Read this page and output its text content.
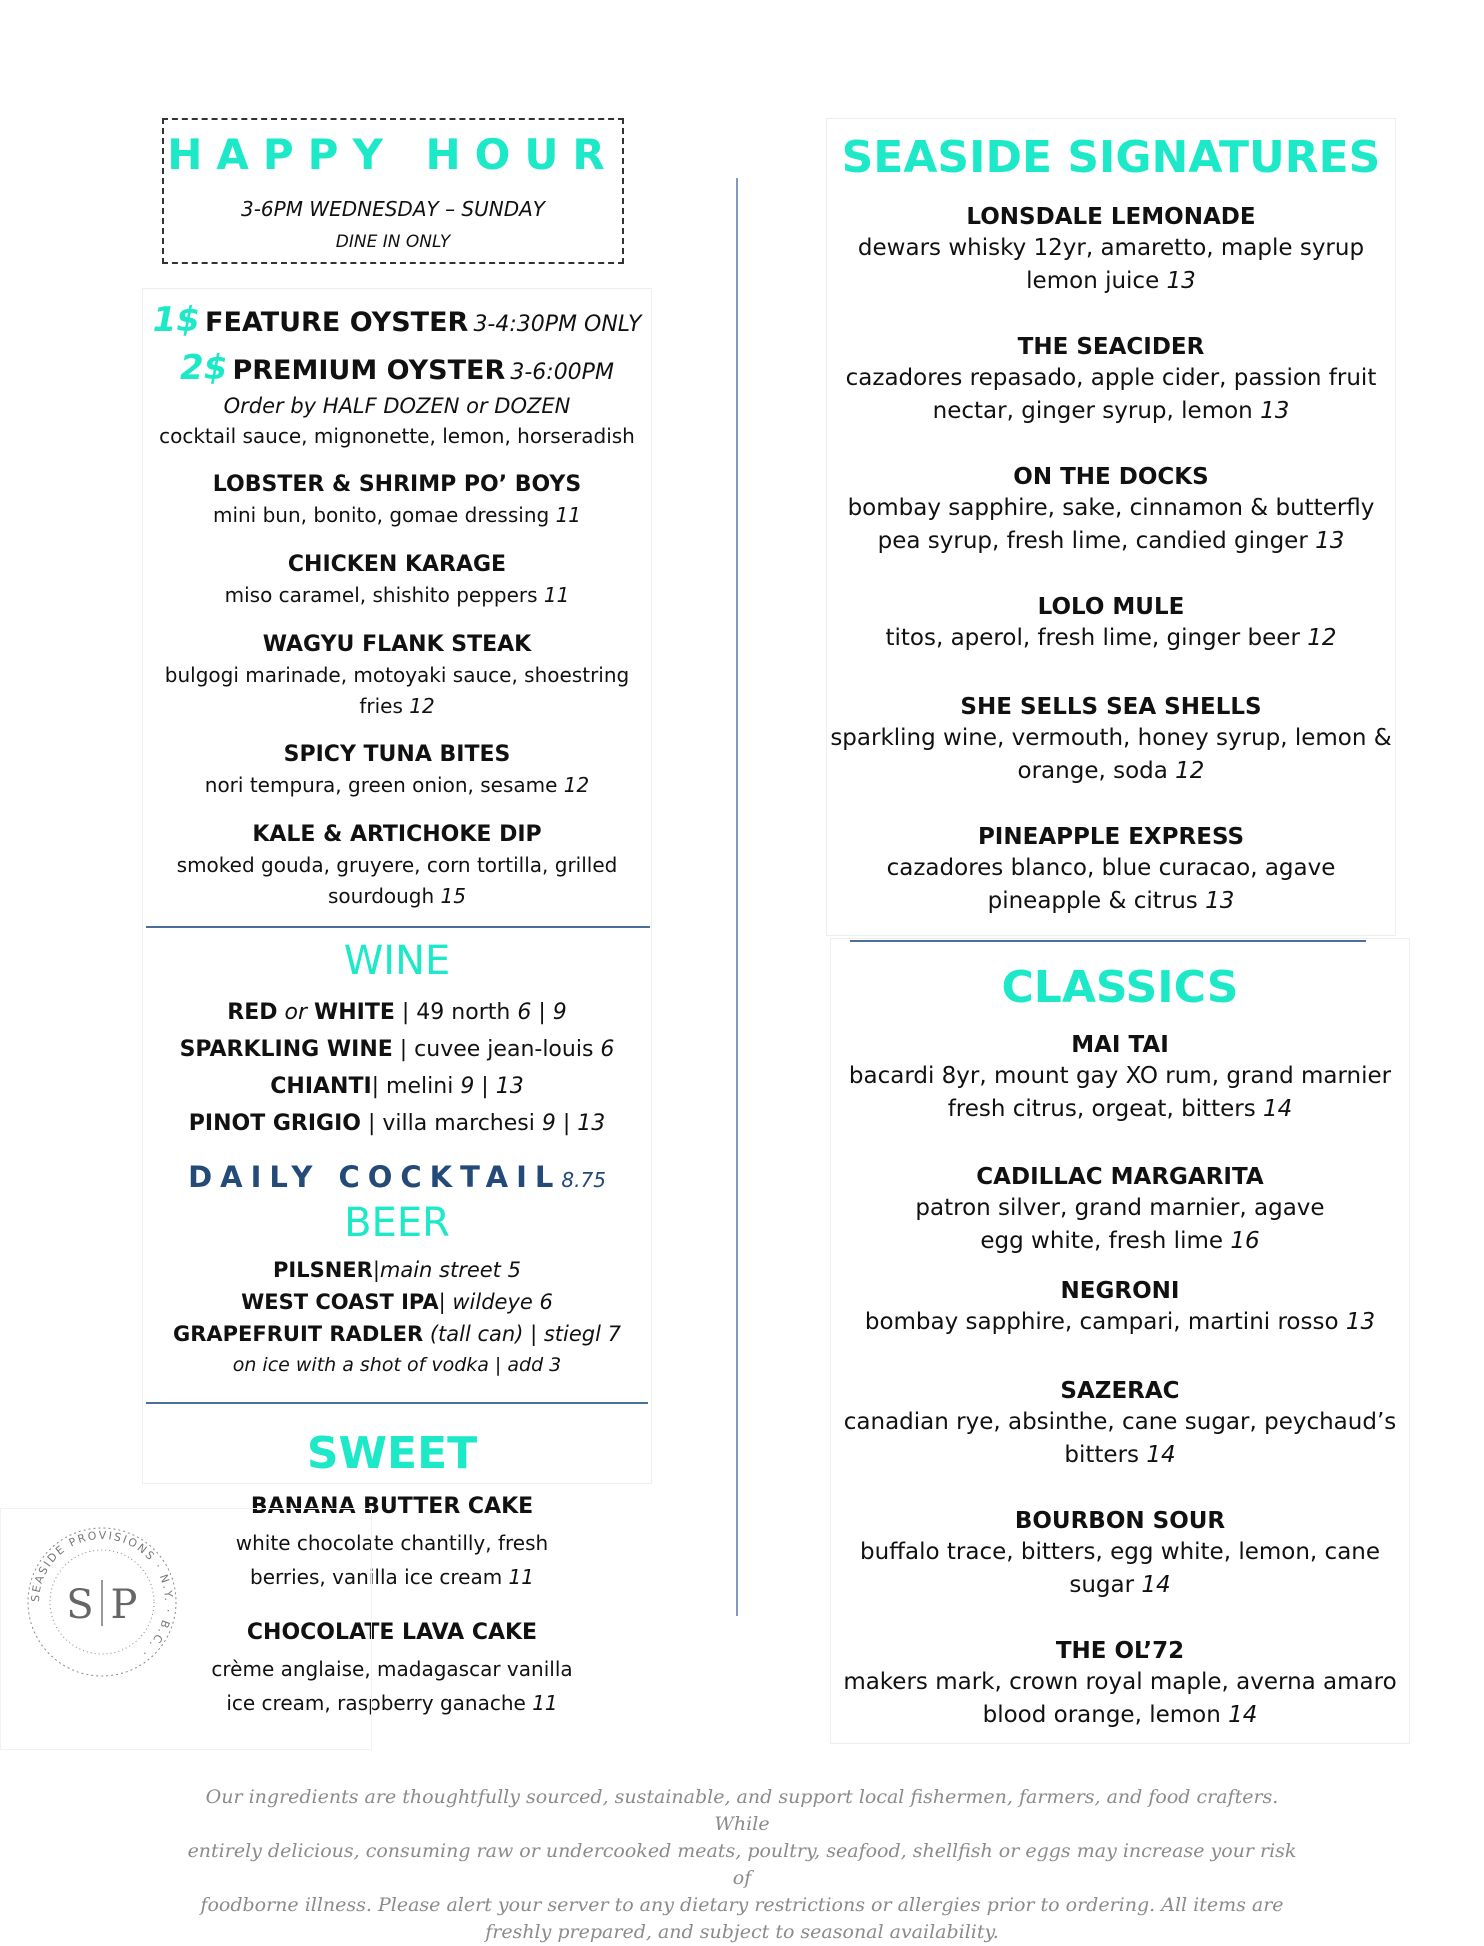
HAPPY HOUR
3-6PM WEDNESDAY – SUNDAY
DINE IN ONLY
1$ FEATURE OYSTER 3-4:30PM ONLY
2$ PREMIUM OYSTER 3-6:00PM
Order by HALF DOZEN or DOZEN
cocktail sauce, mignonette, lemon, horseradish
LOBSTER & SHRIMP PO’ BOYS
mini bun, bonito, gomae dressing 11
CHICKEN KARAGE
miso caramel, shishito peppers 11
WAGYU FLANK STEAK
bulgogi marinade, motoyaki sauce, shoestring
fries 12
SPICY TUNA BITES
nori tempura, green onion, sesame 12
KALE & ARTICHOKE DIP
smoked gouda, gruyere, corn tortilla, grilled
sourdough 15
WINE
RED or WHITE | 49 north 6 | 9
SPARKLING WINE | cuvee jean-louis 6
CHIANTI| melini 9 | 13
PINOT GRIGIO | villa marchesi 9 | 13
DAILY COCKTAIL8.75
BEER
PILSNER|main street 5
WEST COAST IPA| wildeye 6
GRAPEFRUIT RADLER (tall can) | stiegl 7
on ice with a shot of vodka | add 3
SWEET
BANANA BUTTER CAKE
white chocolate chantilly, fresh
berries, vanilla ice cream 11
CHOCOLATE LAVA CAKE
crème anglaise, madagascar vanilla
ice cream, raspberry ganache 11
SEASIDE PROVISIONS · N.Y. · B.C. ·
S P
SEASIDE SIGNATURES
LONSDALE LEMONADE
dewars whisky 12yr, amaretto, maple syrup
lemon juice 13
THE SEACIDER
cazadores repasado, apple cider, passion fruit
nectar, ginger syrup, lemon 13
ON THE DOCKS
bombay sapphire, sake, cinnamon & butterfly
pea syrup, fresh lime, candied ginger 13
LOLO MULE
titos, aperol, fresh lime, ginger beer 12
SHE SELLS SEA SHELLS
sparkling wine, vermouth, honey syrup, lemon &
orange, soda 12
PINEAPPLE EXPRESS
cazadores blanco, blue curacao, agave
pineapple & citrus 13
CLASSICS
MAI TAI
bacardi 8yr, mount gay XO rum, grand marnier
fresh citrus, orgeat, bitters 14
CADILLAC MARGARITA
patron silver, grand marnier, agave
egg white, fresh lime 16
NEGRONI
bombay sapphire, campari, martini rosso 13
SAZERAC
canadian rye, absinthe, cane sugar, peychaud’s
bitters 14
BOURBON SOUR
buffalo trace, bitters, egg white, lemon, cane
sugar 14
THE OL’72
makers mark, crown royal maple, averna amaro
blood orange, lemon 14
Our ingredients are thoughtfully sourced, sustainable, and support local fishermen, farmers, and food crafters. While
entirely delicious, consuming raw or undercooked meats, poultry, seafood, shellfish or eggs may increase your risk of
foodborne illness. Please alert your server to any dietary restrictions or allergies prior to ordering. All items are
freshly prepared, and subject to seasonal availability.
